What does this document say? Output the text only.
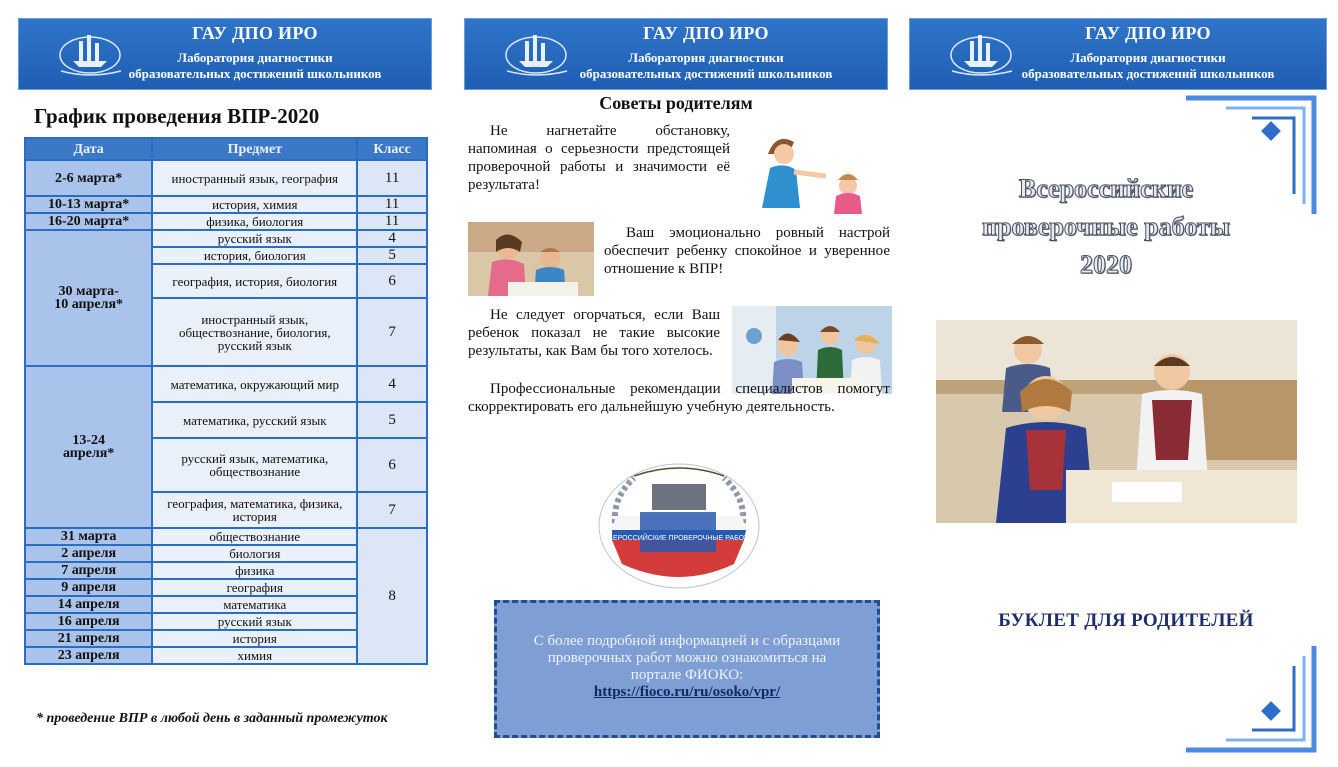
ГАУ ДПО ИРО
Лаборатория диагностики
образовательных достижений школьников
ГАУ ДПО ИРО
Лаборатория диагностики
образовательных достижений школьников
ГАУ ДПО ИРО
Лаборатория диагностики
образовательных достижений школьников
График проведения ВПР-2020
Дата	Предмет	Класс
2-6 марта*	иностранный язык, география	11
10-13 марта*	история, химия	11
16-20 марта*	физика, биология	11
30 марта-
10 апреля*	русский язык	4
	история, биология	5
	география, история, биология	6
	иностранный язык, обществознание, биология, русский язык	7
13-24
апреля*	математика, окружающий мир	4
	математика, русский язык	5
	русский язык, математика, обществознание	6
	география, математика, физика, история	7
31 марта	обществознание	8
2 апреля	биология	
7 апреля	физика	
9 апреля	география	
14 апреля	математика	
16 апреля	русский язык	
21 апреля	история	
23 апреля	химия	
* проведение ВПР в любой день в заданный промежуток
Советы родителям
Не нагнетайте обстановку, напоминая о серьезности предстоящей проверочной работы и значимости её результата!
Ваш эмоционально ровный настрой обеспечит ребенку спокойное и уверенное отношение к ВПР!
Не следует огорчаться, если Ваш ребенок показал не такие высокие результаты, как Вам бы того хотелось.
Профессиональные рекомендации специалистов помогут скорректировать его дальнейшую учебную деятельность.
ВСЕРОССИЙСКИЕ ПРОВЕРОЧНЫЕ РАБОТЫ
С более подробной информацией и с образцами проверочных работ можно ознакомиться на портале ФИОКО:
https://fioco.ru/ru/osoko/vpr/
Всероссийские
проверочные работы
2020
БУКЛЕТ ДЛЯ РОДИТЕЛЕЙ
